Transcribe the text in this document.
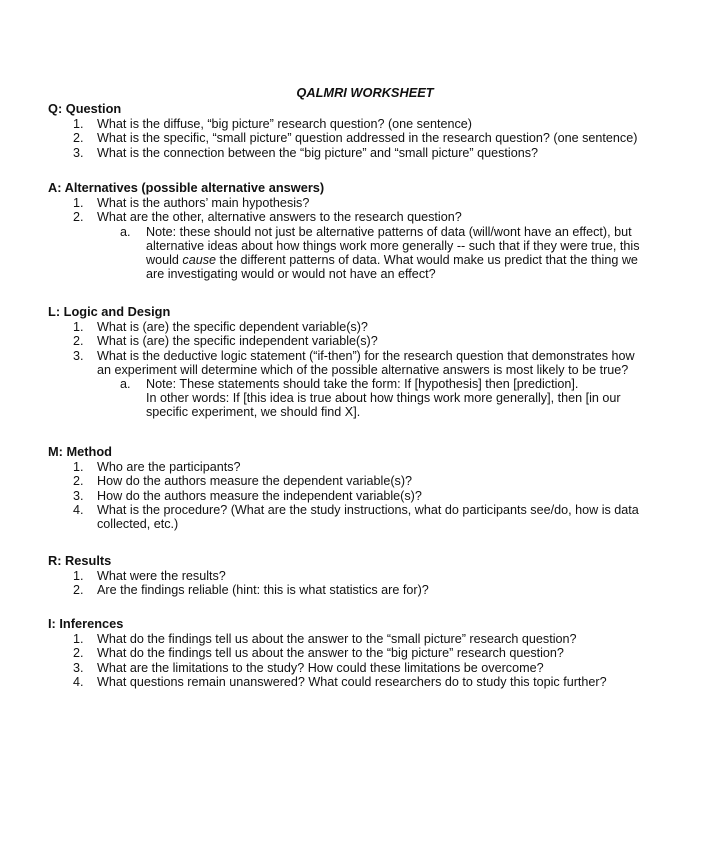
QALMRI WORKSHEET
Q: Question
1. What is the diffuse, “big picture” research question? (one sentence)
2. What is the specific, “small picture” question addressed in the research question? (one sentence)
3. What is the connection between the “big picture” and “small picture” questions?
A: Alternatives (possible alternative answers)
1. What is the authors’ main hypothesis?
2. What are the other, alternative answers to the research question?
a. Note: these should not just be alternative patterns of data (will/wont have an effect), but
alternative ideas about how things work more generally -- such that if they were true, this
would cause the different patterns of data. What would make us predict that the thing we
are investigating would or would not have an effect?
L: Logic and Design
1. What is (are) the specific dependent variable(s)?
2. What is (are) the specific independent variable(s)?
3. What is the deductive logic statement (“if-then”) for the research question that demonstrates how
an experiment will determine which of the possible alternative answers is most likely to be true?
a. Note: These statements should take the form: If [hypothesis] then [prediction].
In other words: If [this idea is true about how things work more generally], then [in our
specific experiment, we should find X].
M: Method
1. Who are the participants?
2. How do the authors measure the dependent variable(s)?
3. How do the authors measure the independent variable(s)?
4. What is the procedure? (What are the study instructions, what do participants see/do, how is data
collected, etc.)
R: Results
1. What were the results?
2. Are the findings reliable (hint: this is what statistics are for)?
I: Inferences
1. What do the findings tell us about the answer to the “small picture” research question?
2. What do the findings tell us about the answer to the “big picture” research question?
3. What are the limitations to the study? How could these limitations be overcome?
4. What questions remain unanswered? What could researchers do to study this topic further?
